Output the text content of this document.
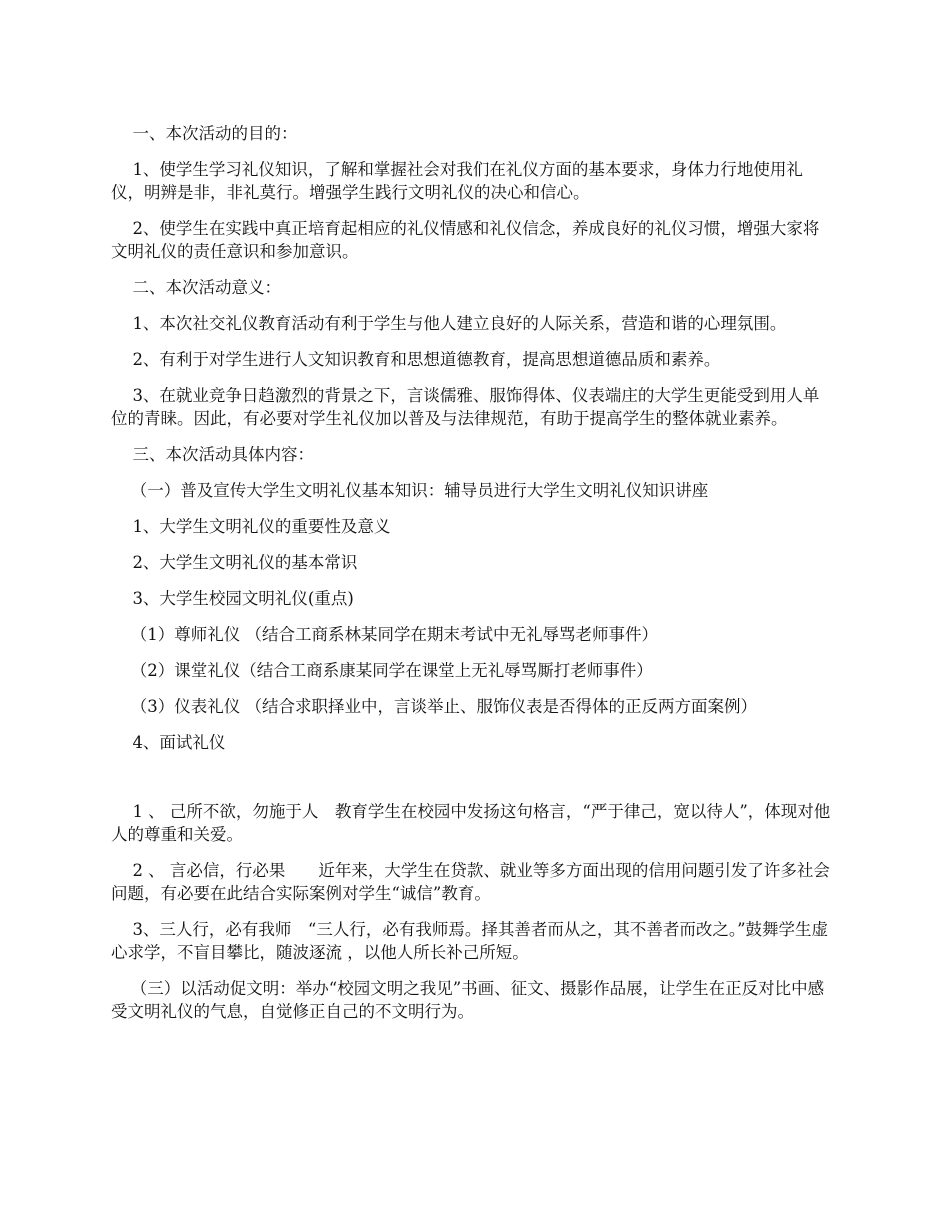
一、本次活动的目的：

1、使学生学习礼仪知识，了解和掌握社会对我们在礼仪方面的基本要求，身体力行地使用礼仪，明辨是非，非礼莫行。增强学生践行文明礼仪的决心和信心。

2、使学生在实践中真正培育起相应的礼仪情感和礼仪信念，养成良好的礼仪习惯，增强大家将文明礼仪的责任意识和参加意识。

二、本次活动意义：

1、本次社交礼仪教育活动有利于学生与他人建立良好的人际关系，营造和谐的心理氛围。

2、有利于对学生进行人文知识教育和思想道德教育，提高思想道德品质和素养。

3、在就业竞争日趋激烈的背景之下，言谈儒雅、服饰得体、仪表端庄的大学生更能受到用人单 位的青睐。因此，有必要对学生礼仪加以普及与法律规范，有助于提高学生的整体就业素养。

三、本次活动具体内容：

（一）普及宣传大学生文明礼仪基本知识：辅导员进行大学生文明礼仪知识讲座

1、大学生文明礼仪的重要性及意义

2、大学生文明礼仪的基本常识

3、大学生校园文明礼仪(重点)

（1）尊师礼仪 （结合工商系林某同学在期末考试中无礼辱骂老师事件）

（2）课堂礼仪（结合工商系康某同学在课堂上无礼辱骂厮打老师事件）

（3）仪表礼仪 （结合求职择业中，言谈举止、服饰仪表是否得体的正反两方面案例）

4、面试礼仪

1 、 己所不欲，勿施于人　教育学生在校园中发扬这句格言，“严于律己，宽以待人”，体现对他人的尊重和关爱。

2 、 言必信，行必果　　近年来，大学生在贷款、就业等多方面出现的信用问题引发了许多社会问题，有必要在此结合实际案例对学生“诚信”教育。

3、三人行，必有我师　“三人行，必有我师焉。择其善者而从之，其不善者而改之。”鼓舞学生虚心求学，不盲目攀比，随波逐流 ，以他人所长补己所短。

（三）以活动促文明：举办“校园文明之我见”书画、征文、摄影作品展，让学生在正反对比中感受文明礼仪的气息，自觉修正自己的不文明行为。
